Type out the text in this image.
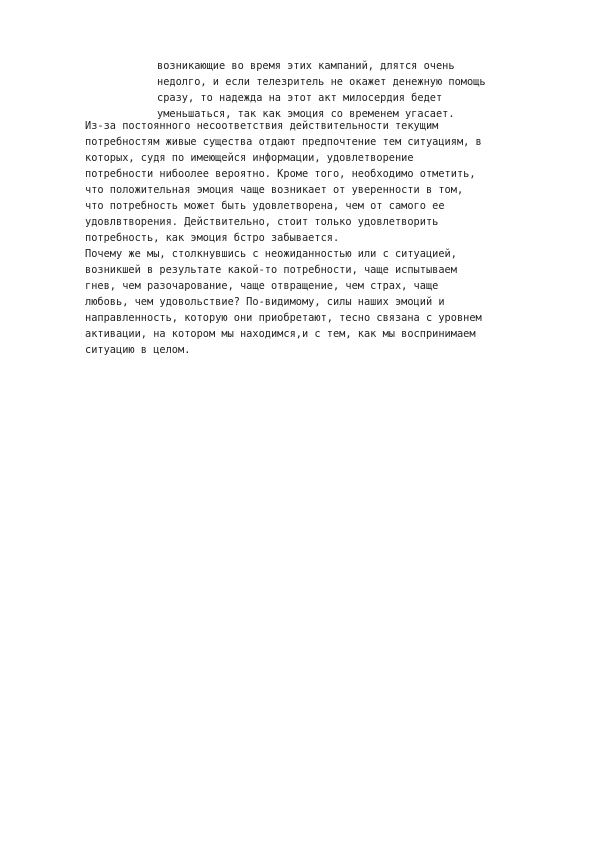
возникающие во время этих кампаний, длятся очень
недолго, и если телезритель не окажет денежную помощь
сразу, то надежда на этот акт милосердия бедет
уменьшаться, так как эмоция со временем угасает.
Из-за постоянного несоответствия действительности текущим
потребностям живые существа отдают предпочтение тем ситуациям, в
которых, судя по имеющейся информации, удовлетворение
потребности нибоолее вероятно. Кроме того, необходимо отметить,
что положительная эмоция чаще возникает от уверенности в том,
что потребность может быть удовлетворена, чем от самого ее
удовлвтворения. Действительно, стоит только удовлетворить
потребность, как эмоция бстро забывается.
Почему же мы, столкнувшись с неожиданностью или с ситуацией,
возникшей в результате какой-то потребности, чаще испытываем
гнев, чем разочарование, чаще отвращение, чем страх, чаще
любовь, чем удовольствие? По-видимому, силы наших эмоций и
направленность, которую они приобретают, тесно связана с уровнем
активации, на котором мы находимся,и с тем, как мы воспринимаем
ситуацию в целом.
